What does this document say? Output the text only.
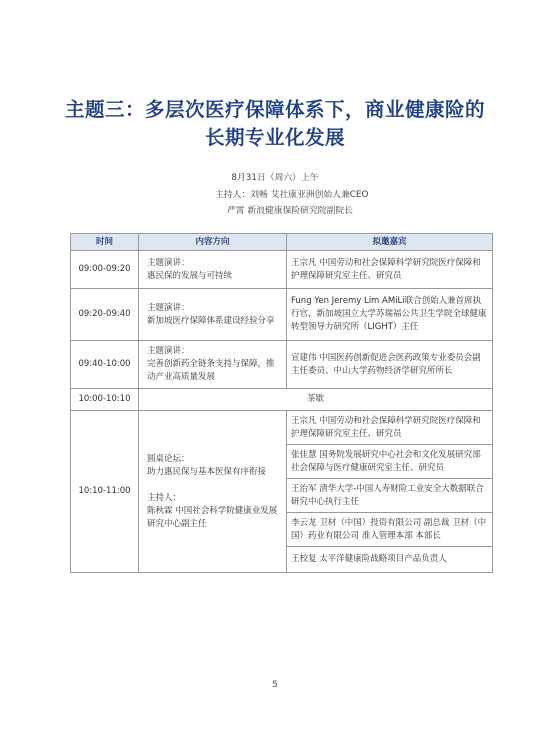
主题三：多层次医疗保障体系下，商业健康险的
长期专业化发展
8月31日（周六）上午
主持人：刘畅 艾社康亚洲创始人兼CEO
严霄 新浪健康保险研究院副院长
时间	内容方向	拟邀嘉宾
09:00-09:20	主题演讲：
惠民保的发展与可持续	王宗凡 中国劳动和社会保障科学研究院医疗保障和护理保障研究室主任、研究员
09:20-09:40	主题演讲：
新加坡医疗保障体系建设经验分享	Fung Yen Jeremy Lim AMiLi联合创始人兼首席执行官，新加坡国立大学苏瑞福公共卫生学院全球健康转型领导力研究所（LIGHT）主任
09:40-10:00	主题演讲：
完善创新药全链条支持与保障，推动产业高质量发展	宣建伟 中国医药创新促进会医药政策专业委员会副主任委员、中山大学药物经济学研究所所长
10:00-10:10	茶歇	
10:10-11:00	圆桌论坛：
助力惠民保与基本医保有序衔接
主持人：
陈秋霖 中国社会科学院健康业发展研究中心副主任	王宗凡 中国劳动和社会保障科学研究院医疗保障和护理保障研究室主任、研究员
		张佳慧 国务院发展研究中心社会和文化发展研究部社会保障与医疗健康研究室主任、研究员
		王治军 清华大学-中国人寿财险工业安全大数据联合研究中心执行主任
		李云龙 卫材（中国）投资有限公司 副总裁 卫材（中国）药业有限公司 准入管理本部 本部长
		王校复 太平洋健康险战略项目产品负责人
5
